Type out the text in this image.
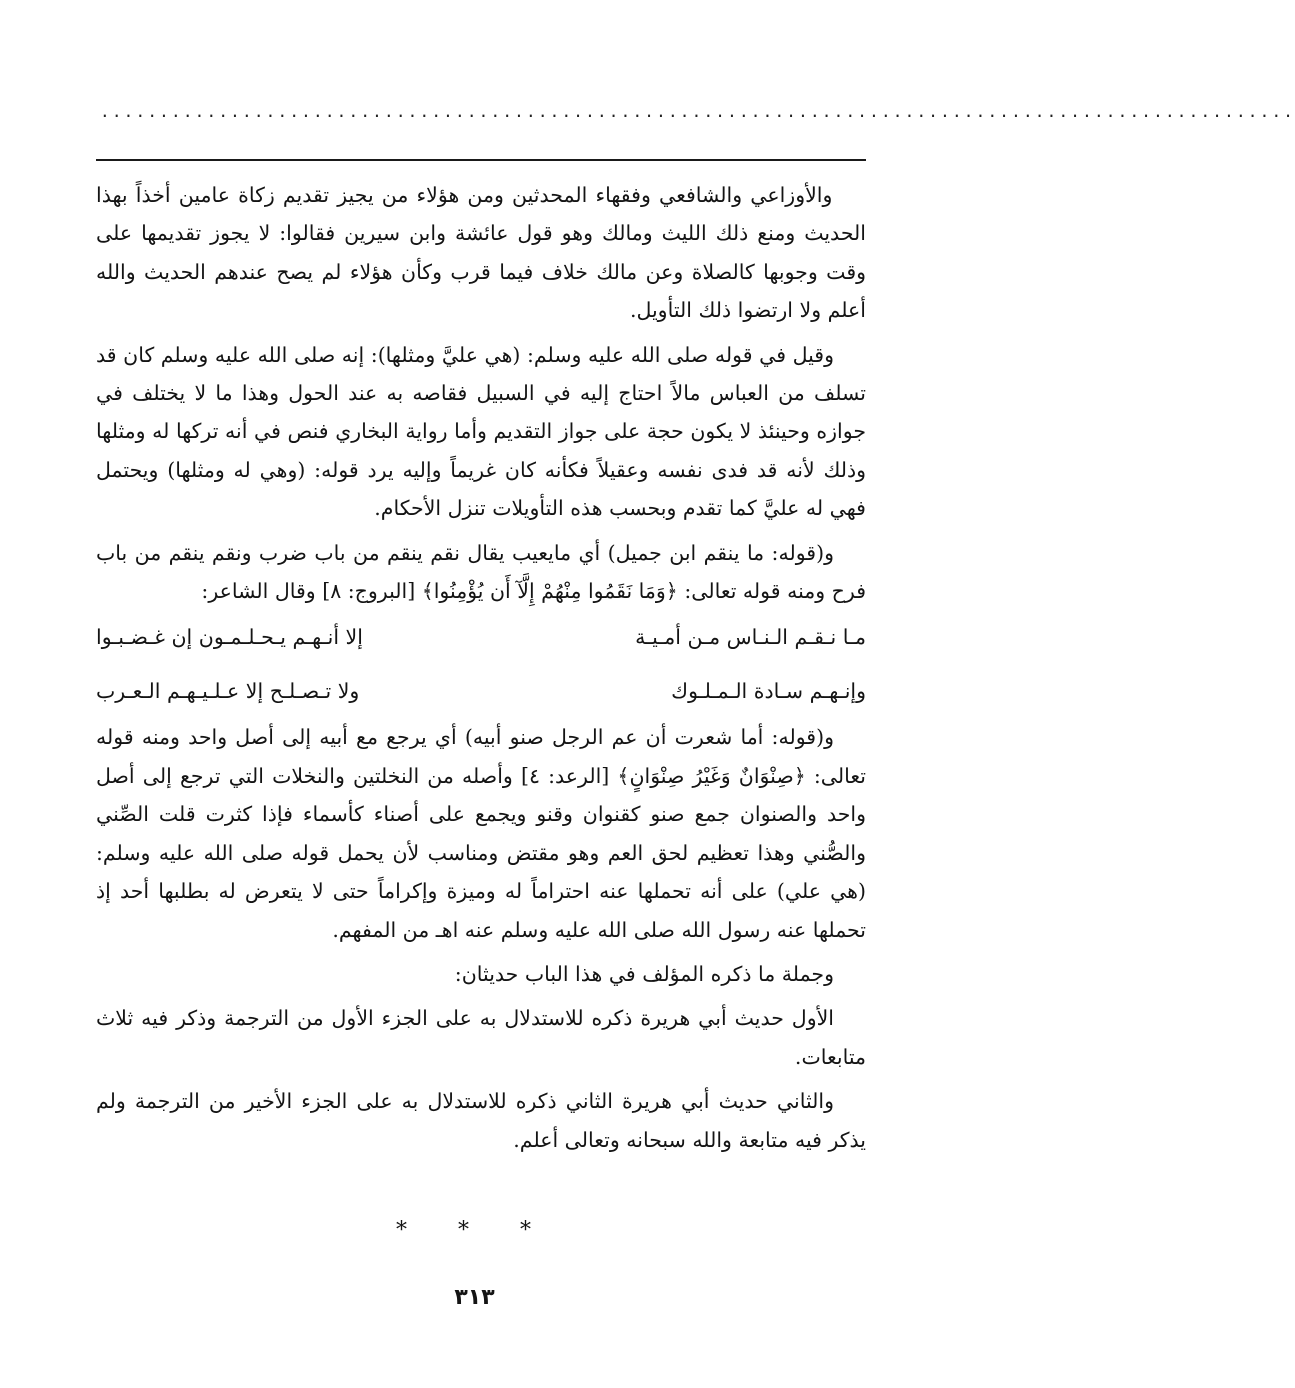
.....................................................................................................

والأوزاعي والشافعي وفقهاء المحدثين ومن هؤلاء من يجيز تقديم زكاة عامين أخذاً بهذا الحديث ومنع ذلك الليث ومالك وهو قول عائشة وابن سيرين فقالوا: لا يجوز تقديمها على وقت وجوبها كالصلاة وعن مالك خلاف فيما قرب وكأن هؤلاء لم يصح عندهم الحديث والله أعلم ولا ارتضوا ذلك التأويل.

وقيل في قوله صلى الله عليه وسلم: (هي عليَّ ومثلها): إنه صلى الله عليه وسلم كان قد تسلف من العباس مالاً احتاج إليه في السبيل فقاصه به عند الحول وهذا ما لا يختلف في جوازه وحينئذ لا يكون حجة على جواز التقديم وأما رواية البخاري فنص في أنه تركها له ومثلها وذلك لأنه قد فدى نفسه وعقيلاً فكأنه كان غريماً وإليه يرد قوله: (وهي له ومثلها) ويحتمل فهي له عليَّ كما تقدم وبحسب هذه التأويلات تنزل الأحكام.

و(قوله: ما ينقم ابن جميل) أي مايعيب يقال نقم ينقم من باب ضرب ونقم ينقم من باب فرح ومنه قوله تعالى: ﴿وَمَا نَقَمُوا مِنْهُمْ إِلَّآ أَن يُؤْمِنُوا﴾ [البروج: ٨] وقال الشاعر:

مـا نـقـم الـنـاس مـن أمـيـة
إلا أنـهـم يـحـلـمـون إن غـضـبـوا
وإنـهـم سـادة الـمـلـوك
ولا تـصـلـح إلا عـلـيـهـم الـعـرب

و(قوله: أما شعرت أن عم الرجل صنو أبيه) أي يرجع مع أبيه إلى أصل واحد ومنه قوله تعالى: ﴿صِنْوَانٌ وَغَيْرُ صِنْوَانٍ﴾ [الرعد: ٤] وأصله من النخلتين والنخلات التي ترجع إلى أصل واحد والصنوان جمع صنو كقنوان وقنو ويجمع على أصناء كأسماء فإذا كثرت قلت الصِّني والصُّني وهذا تعظيم لحق العم وهو مقتض ومناسب لأن يحمل قوله صلى الله عليه وسلم: (هي علي) على أنه تحملها عنه احتراماً له وميزة وإكراماً حتى لا يتعرض له بطلبها أحد إذ تحملها عنه رسول الله صلى الله عليه وسلم عنه اهـ من المفهم.

وجملة ما ذكره المؤلف في هذا الباب حديثان:

الأول حديث أبي هريرة ذكره للاستدلال به على الجزء الأول من الترجمة وذكر فيه ثلاث متابعات.

والثاني حديث أبي هريرة الثاني ذكره للاستدلال به على الجزء الأخير من الترجمة ولم يذكر فيه متابعة والله سبحانه وتعالى أعلم.

* * *
٣١٣
